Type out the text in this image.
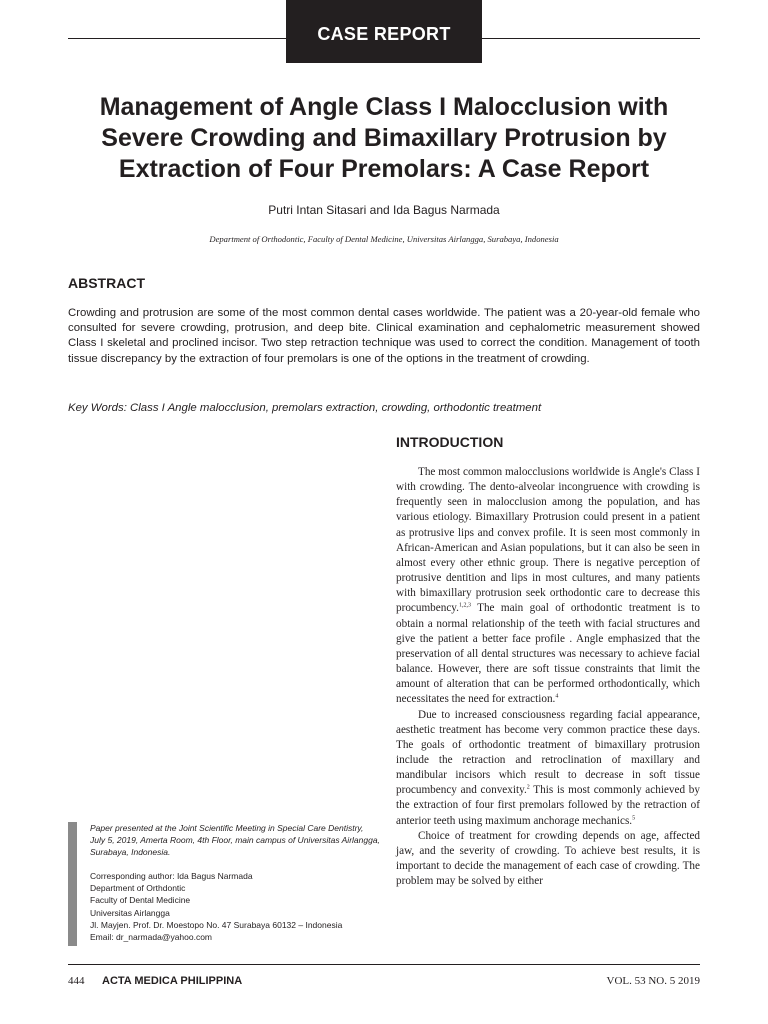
CASE REPORT
Management of Angle Class I Malocclusion with
Severe Crowding and Bimaxillary Protrusion by
Extraction of Four Premolars: A Case Report
Putri Intan Sitasari and Ida Bagus Narmada
Department of Orthodontic, Faculty of Dental Medicine, Universitas Airlangga, Surabaya, Indonesia
ABSTRACT

Crowding and protrusion are some of the most common dental cases worldwide. The patient was a 20-year-old female who consulted for severe crowding, protrusion, and deep bite. Clinical examination and cephalometric measurement showed Class I skeletal and proclined incisor. Two step retraction technique was used to correct the condition. Management of tooth tissue discrepancy by the extraction of four premolars is one of the options in the treatment of crowding.

Key Words: Class I Angle malocclusion, premolars extraction, crowding, orthodontic treatment

INTRODUCTION

The most common malocclusions worldwide is Angle's Class I with crowding. The dento-alveolar incongruence with crowding is frequently seen in malocclusion among the population, and has various etiology. Bimaxillary Protrusion could present in a patient as protrusive lips and convex profile. It is seen most commonly in African-American and Asian populations, but it can also be seen in almost every other ethnic group. There is negative perception of protrusive dentition and lips in most cultures, and many patients with bimaxillary protrusion seek orthodontic care to decrease this procumbency.$^{1,2,3}$ The main goal of orthodontic treatment is to obtain a normal relationship of the teeth with facial structures and give the patient a better face profile . Angle emphasized that the preservation of all dental structures was necessary to achieve facial balance. However, there are soft tissue constraints that limit the amount of alteration that can be performed orthodontically, which necessitates the need for extraction.$^4$

Due to increased consciousness regarding facial appearance, aesthetic treatment has become very common practice these days. The goals of orthodontic treatment of bimaxillary protrusion include the retraction and retroclination of maxillary and mandibular incisors which result to decrease in soft tissue procumbency and convexity.$^2$ This is most commonly achieved by the extraction of four first premolars followed by the retraction of anterior teeth using maximum anchorage mechanics.$^5$

Choice of treatment for crowding depends on age, affected jaw, and the severity of crowding. To achieve best results, it is important to decide the management of each case of crowding. The problem may be solved by either

Paper presented at the Joint Scientific Meeting in Special Care Dentistry, July 5, 2019, Amerta Room, 4th Floor, main campus of Universitas Airlangga, Surabaya, Indonesia.

Corresponding author: Ida Bagus Narmada
Department of Orthdontic
Faculty of Dental Medicine
Universitas Airlangga
Jl. Mayjen. Prof. Dr. Moestopo No. 47 Surabaya 60132 – Indonesia
Email: dr_narmada@yahoo.com
444 ACTA MEDICA PHILIPPINA	VOL. 53 NO. 5 2019
